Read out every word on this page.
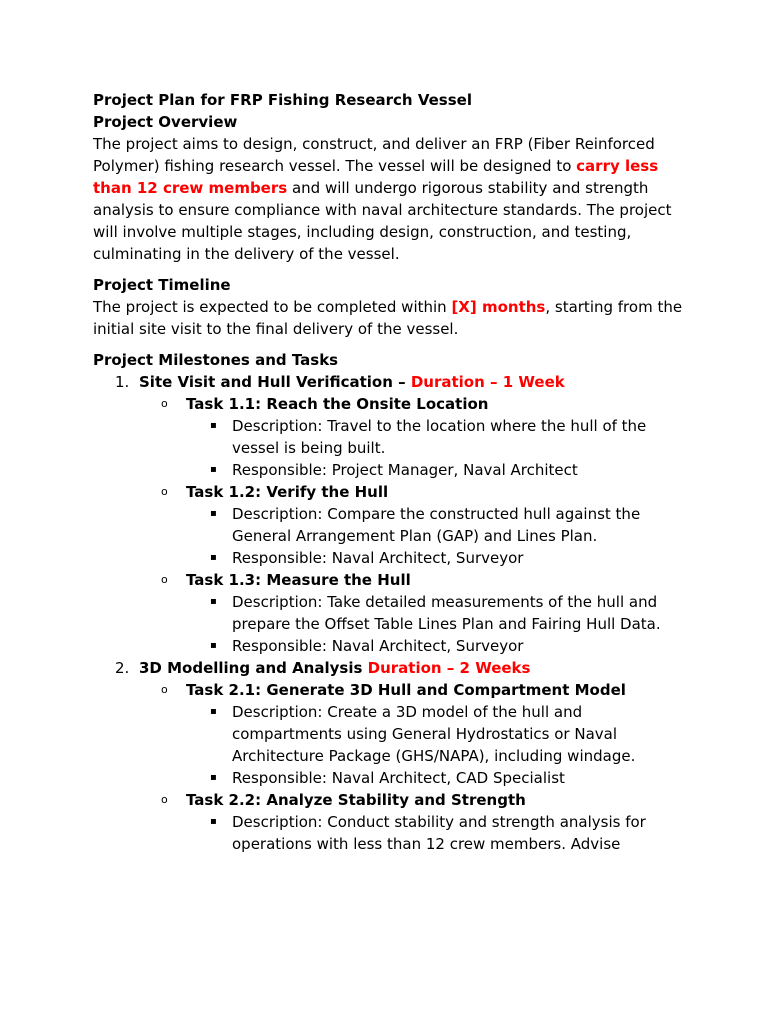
Project Plan for FRP Fishing Research Vessel

Project Overview

The project aims to design, construct, and deliver an FRP (Fiber Reinforced Polymer) fishing research vessel. The vessel will be designed to carry less than 12 crew members and will undergo rigorous stability and strength analysis to ensure compliance with naval architecture standards. The project will involve multiple stages, including design, construction, and testing, culminating in the delivery of the vessel.

Project Timeline

The project is expected to be completed within [X] months, starting from the initial site visit to the final delivery of the vessel.

Project Milestones and Tasks

1. Site Visit and Hull Verification – Duration – 1 Week
o Task 1.1: Reach the Onsite Location
▪ Description: Travel to the location where the hull of the vessel is being built.
▪ Responsible: Project Manager, Naval Architect
o Task 1.2: Verify the Hull
▪ Description: Compare the constructed hull against the General Arrangement Plan (GAP) and Lines Plan.
▪ Responsible: Naval Architect, Surveyor
o Task 1.3: Measure the Hull
▪ Description: Take detailed measurements of the hull and prepare the Offset Table Lines Plan and Fairing Hull Data.
▪ Responsible: Naval Architect, Surveyor
2. 3D Modelling and Analysis Duration – 2 Weeks
o Task 2.1: Generate 3D Hull and Compartment Model
▪ Description: Create a 3D model of the hull and compartments using General Hydrostatics or Naval Architecture Package (GHS/NAPA), including windage.
▪ Responsible: Naval Architect, CAD Specialist
o Task 2.2: Analyze Stability and Strength
▪ Description: Conduct stability and strength analysis for operations with less than 12 crew members. Advise
